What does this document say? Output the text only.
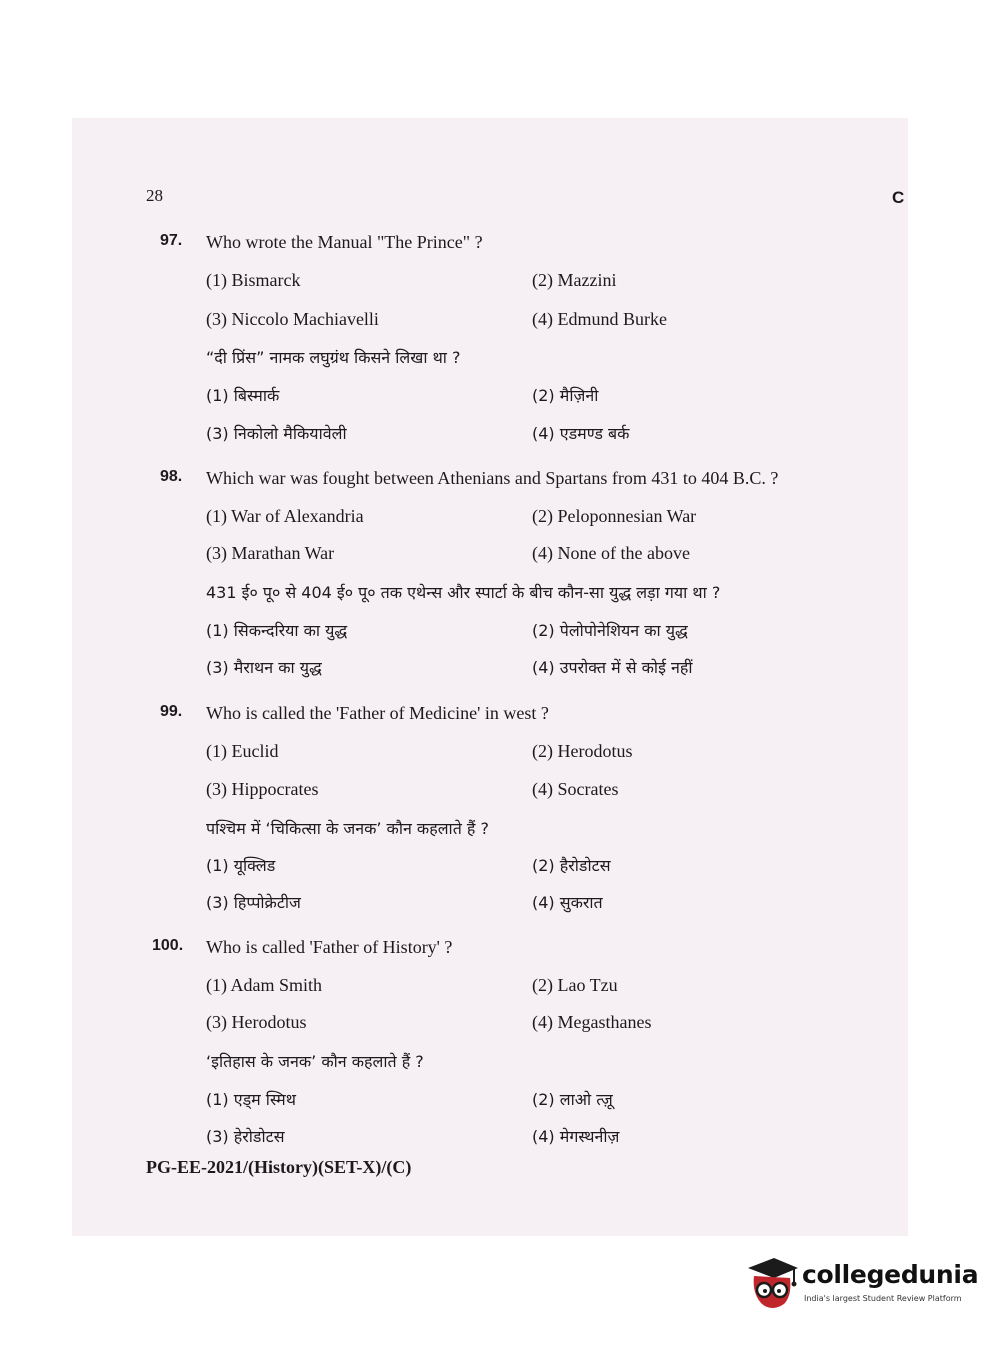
28	C
97.	Who wrote the Manual "The Prince" ?
(1) Bismarck	(2) Mazzini
(3) Niccolo Machiavelli	(4) Edmund Burke
“दी प्रिंस” नामक लघुग्रंथ किसने लिखा था ?
(1) बिस्मार्क	(2) मैज़िनी
(3) निकोलो मैकियावेली	(4) एडमण्ड बर्क
98.	Which war was fought between Athenians and Spartans from 431 to 404 B.C. ?
(1) War of Alexandria	(2) Peloponnesian War
(3) Marathan War	(4) None of the above
431 ई० पू० से 404 ई० पू० तक एथेन्स और स्पार्टा के बीच कौन-सा युद्ध लड़ा गया था ?
(1) सिकन्दरिया का युद्ध	(2) पेलोपोनेशियन का युद्ध
(3) मैराथन का युद्ध	(4) उपरोक्त में से कोई नहीं
99.	Who is called the 'Father of Medicine' in west ?
(1) Euclid	(2) Herodotus
(3) Hippocrates	(4) Socrates
पश्चिम में ‘चिकित्सा के जनक’ कौन कहलाते हैं ?
(1) यूक्लिड	(2) हैरोडोटस
(3) हिप्पोक्रेटीज	(4) सुकरात
100.	Who is called 'Father of History' ?
(1) Adam Smith	(2) Lao Tzu
(3) Herodotus	(4) Megasthanes
‘इतिहास के जनक’ कौन कहलाते हैं ?
(1) एड्म स्मिथ	(2) लाओ त्ज़ू
(3) हेरोडोटस	(4) मेगस्थनीज़
PG-EE-2021/(History)(SET-X)/(C)
collegedunia
India's largest Student Review Platform
